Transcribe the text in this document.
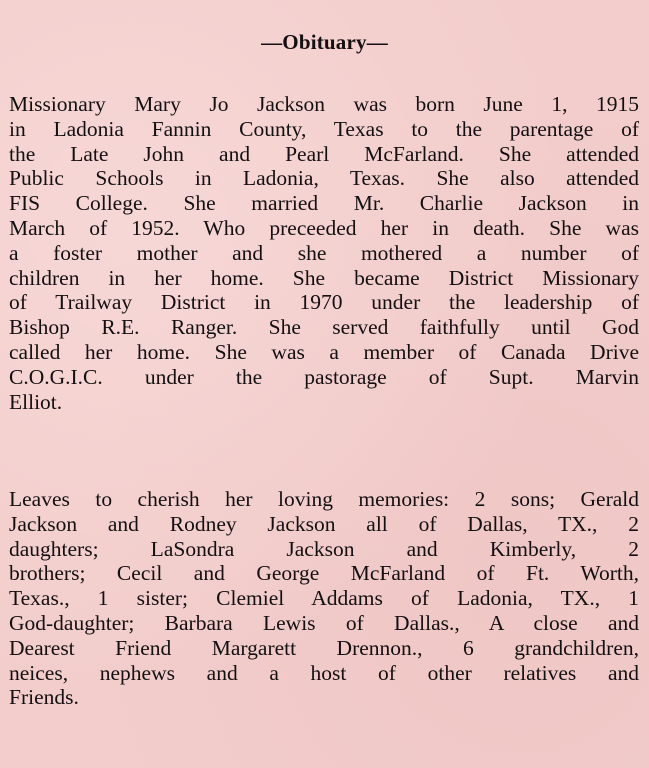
—Obituary—
Missionary Mary Jo Jackson was born June 1, 1915
in Ladonia Fannin County, Texas to the parentage of
the Late John and Pearl McFarland. She attended
Public Schools in Ladonia, Texas. She also attended
FIS College. She married Mr. Charlie Jackson in
March of 1952. Who preceeded her in death. She was
a foster mother and she mothered a number of
children in her home. She became District Missionary
of Trailway District in 1970 under the leadership of
Bishop R.E. Ranger. She served faithfully until God
called her home. She was a member of Canada Drive
C.O.G.I.C. under the pastorage of Supt. Marvin
Elliot.
Leaves to cherish her loving memories: 2 sons; Gerald
Jackson and Rodney Jackson all of Dallas, TX., 2
daughters; LaSondra Jackson and Kimberly, 2
brothers; Cecil and George McFarland of Ft. Worth,
Texas., 1 sister; Clemiel Addams of Ladonia, TX., 1
God-daughter; Barbara Lewis of Dallas., A close and
Dearest Friend Margarett Drennon., 6 grandchildren,
neices, nephews and a host of other relatives and
Friends.
